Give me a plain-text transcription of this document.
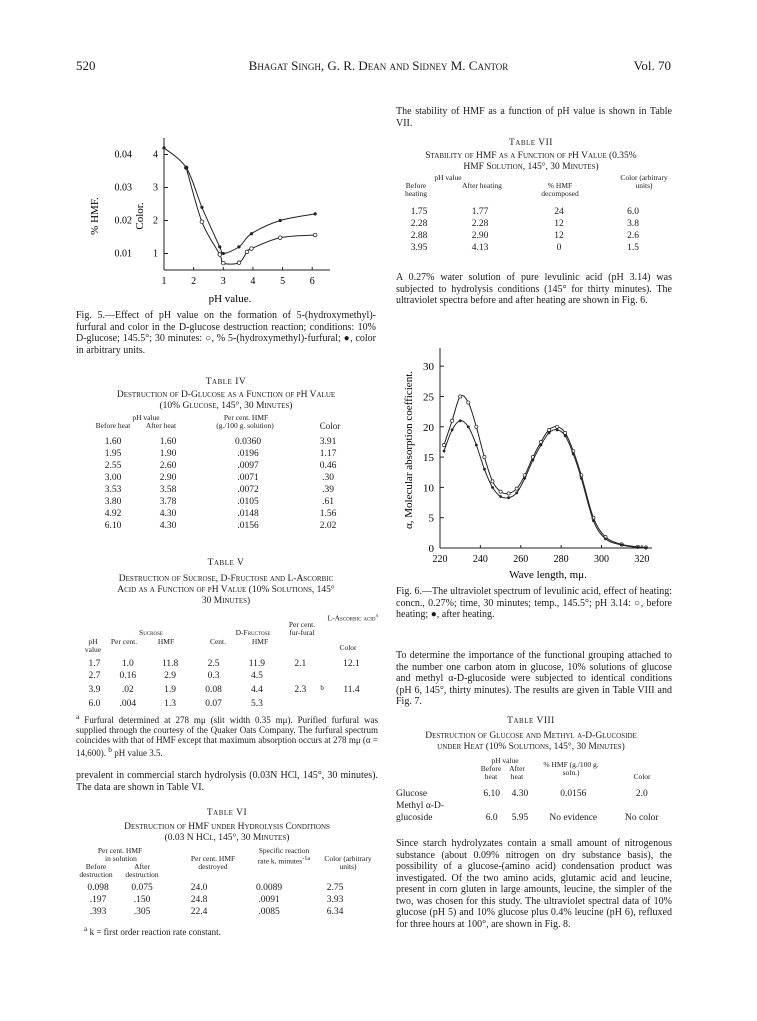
520	Bhagat Singh, G. R. Dean and Sidney M. Cantor	Vol. 70
0.04
0.03
0.02
0.01
4
3
2
1
1 2 3 4 5 6
% HMF.	Color.
pH value.
Fig. 5.—Effect of pH value on the formation of 5-(hydroxymethyl)-furfural and color in the D-glucose destruction reaction; conditions: 10% D-glucose; 145.5°; 30 minutes: ○, % 5-(hydroxymethyl)-furfural; ●, color in arbitrary units.
Table IV
Destruction of D-Glucose as a Function of pH Value
(10% Glucose, 145°, 30 Minutes)
pH value
Before heat	After heat
Per cent. HMF
(g./100 g. solution)	Color
1.60	1.60	0.0360	3.91
1.95	1.90	.0196	1.17
2.55	2.60	.0097	0.46
3.00	2.90	.0071	.30
3.53	3.58	.0072	.39
3.80	3.78	.0105	.61
4.92	4.30	.0148	1.56
6.10	4.30	.0156	2.02
Table V
Destruction of Sucrose, D-Fructose and L-Ascorbic
Acid as a Function of pH Value (10% Solutions, 145°
30 Minutes)
L-Ascorbic acid$^a$
Sucrose	D-Fructose
pH value
Per cent.	HMF	Cent.	HMF
Per cent. fur-fural
Color
1.7	1.0	11.8	2.5	11.9	2.1		12.1
2.7	0.16	2.9	0.3	4.5			
3.9	.02	1.9	0.08	4.4	2.3	$^b$	11.4
6.0	.004	1.3	0.07	5.3			
$^a$ Furfural determined at 278 mμ (slit width 0.35 mμ). Purified furfural was supplied through the courtesy of the Quaker Oats Company. The furfural spectrum coincides with that of HMF except that maximum absorption occurs at 278 mμ (α = 14,600). $^b$ pH value 3.5.
prevalent in commercial starch hydrolysis (0.03N HCl, 145°, 30 minutes). The data are shown in Table VI.
Table VI
Destruction of HMF under Hydrolysis Conditions
(0.03 N HCl, 145°, 30 Minutes)
Per cent. HMF
in solution
Before destruction
After destruction
Per cent. HMF destroyed
Specific reaction rate k, minutes$^{-1a}$	Color (arbitrary units)
0.098	0.075	24.0	0.0089	2.75
.197	.150	24.8	.0091	3.93
.393	.305	22.4	.0085	6.34
$^a$ k = first order reaction rate constant.
The stability of HMF as a function of pH value is shown in Table VII.
Table VII
Stability of HMF as a Function of pH Value (0.35%
HMF Solution, 145°, 30 Minutes)
pH value
Before heating
After heating	% HMF decomposed
Color (arbitrary units)
1.75	1.77	24	6.0
2.28	2.28	12	3.8
2.88	2.90	12	2.6
3.95	4.13	0	1.5
A 0.27% water solution of pure levulinic acid (pH 3.14) was subjected to hydrolysis conditions (145° for thirty minutes). The ultraviolet spectra before and after heating are shown in Fig. 6.
0
5
10
15
20
25
30
220	240	260	280	300	320
α, Molecular absorption coefficient.
Wave length, mμ.
Fig. 6.—The ultraviolet spectrum of levulinic acid, effect of heating: concn., 0.27%; time, 30 minutes; temp., 145.5°; pH 3.14: ○, before heating; ●, after heating.
To determine the importance of the functional grouping attached to the number one carbon atom in glucose, 10% solutions of glucose and methyl α-D-glucoside were subjected to identical conditions (pH 6, 145°, thirty minutes). The results are given in Table VIII and Fig. 7.
Table VIII
Destruction of Glucose and Methyl α-D-Glucoside
under Heat (10% Solutions, 145°, 30 Minutes)
pH value
Before heat
After heat
% HMF (g./100 g. soln.)	Color
Glucose	6.10	4.30	0.0156	2.0
Methyl α-D-glucoside	6.0	5.95	No evidence	No color
Since starch hydrolyzates contain a small amount of nitrogenous substance (about 0.09% nitrogen on dry substance basis), the possibility of a glucose-(amino acid) condensation product was investigated. Of the two amino acids, glutamic acid and leucine, present in corn gluten in large amounts, leucine, the simpler of the two, was chosen for this study. The ultraviolet spectral data of 10% glucose (pH 5) and 10% glucose plus 0.4% leucine (pH 6), refluxed for three hours at 100°, are shown in Fig. 8.
